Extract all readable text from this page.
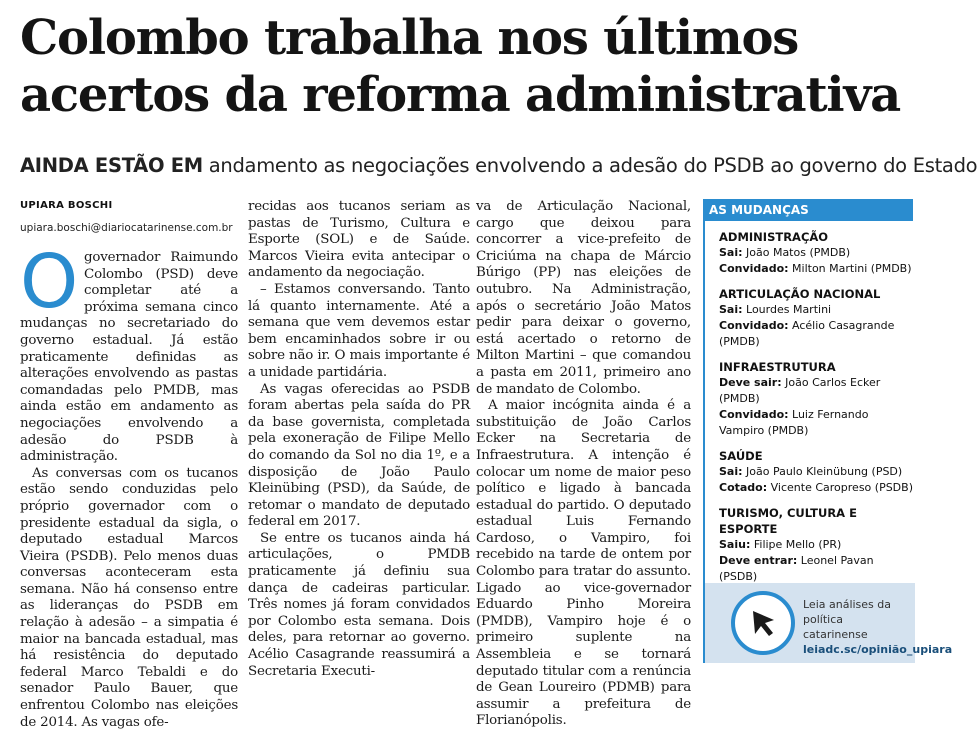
Colombo trabalha nos últimos
acertos da reforma administrativa

AINDA ESTÃO EM andamento as negociações envolvendo a adesão do PSDB ao governo do Estado

UPIARA BOSCHI
upiara.boschi@diariocatarinense.com.br

Ogovernador Raimundo Colombo (PSD) deve completar até a próxima semana cinco mudanças no secretariado do governo estadual. Já estão praticamente definidas as alterações envolvendo as pastas comandadas pelo PMDB, mas ainda estão em andamento as negociações envolvendo a adesão do PSDB à administração.

As conversas com os tucanos estão sendo conduzidas pelo próprio governador com o presidente estadual da sigla, o deputado estadual Marcos Vieira (PSDB). Pelo menos duas conversas aconteceram esta semana. Não há consenso entre as lideranças do PSDB em relação à adesão – a simpatia é maior na bancada estadual, mas há resistência do deputado federal Marco Tebaldi e do senador Paulo Bauer, que enfrentou Colombo nas eleições de 2014. As vagas ofe-

recidas aos tucanos seriam as pastas de Turismo, Cultura e Esporte (SOL) e de Saúde. Marcos Vieira evita antecipar o andamento da negociação.

– Estamos conversando. Tanto lá quanto internamente. Até a semana que vem devemos estar bem encaminhados sobre ir ou sobre não ir. O mais importante é a unidade partidária.

As vagas oferecidas ao PSDB foram abertas pela saída do PR da base governista, completada pela exoneração de Filipe Mello do comando da Sol no dia 1º, e a disposição de João Paulo Kleinübing (PSD), da Saúde, de retomar o mandato de deputado federal em 2017.

Se entre os tucanos ainda há articulações, o PMDB praticamente já definiu sua dança de cadeiras particular. Três nomes já foram convidados por Colombo esta semana. Dois deles, para retornar ao governo. Acélio Casagrande reassumirá a Secretaria Executi-

va de Articulação Nacional, cargo que deixou para concorrer a vice-prefeito de Criciúma na chapa de Márcio Búrigo (PP) nas eleições de outubro. Na Administração, após o secretário João Matos pedir para deixar o governo, está acertado o retorno de Milton Martini – que comandou a pasta em 2011, primeiro ano de mandato de Colombo.

A maior incógnita ainda é a substituição de João Carlos Ecker na Secretaria de Infraestrutura. A intenção é colocar um nome de maior peso político e ligado à bancada estadual do partido. O deputado estadual Luis Fernando Cardoso, o Vampiro, foi recebido na tarde de ontem por Colombo para tratar do assunto. Ligado ao vice-governador Eduardo Pinho Moreira (PMDB), Vampiro hoje é o primeiro suplente na Assembleia e se tornará deputado titular com a renúncia de Gean Loureiro (PDMB) para assumir a prefeitura de Florianópolis.

AS MUDANÇAS
ADMINISTRAÇÃO
Sai: João Matos (PMDB)
Convidado: Milton Martini (PMDB)
ARTICULAÇÃO NACIONAL
Sai: Lourdes Martini
Convidado: Acélio Casagrande (PMDB)
INFRAESTRUTURA
Deve sair: João Carlos Ecker (PMDB)
Convidado: Luiz Fernando Vampiro (PMDB)
SAÚDE
Sai: João Paulo Kleinübung (PSD)
Cotado: Vicente Caropreso (PSDB)
TURISMO, CULTURA E ESPORTE
Saiu: Filipe Mello (PR)
Deve entrar: Leonel Pavan (PSDB)
Leia análises da política catarinense
leiadc.sc/opinião_upiara
